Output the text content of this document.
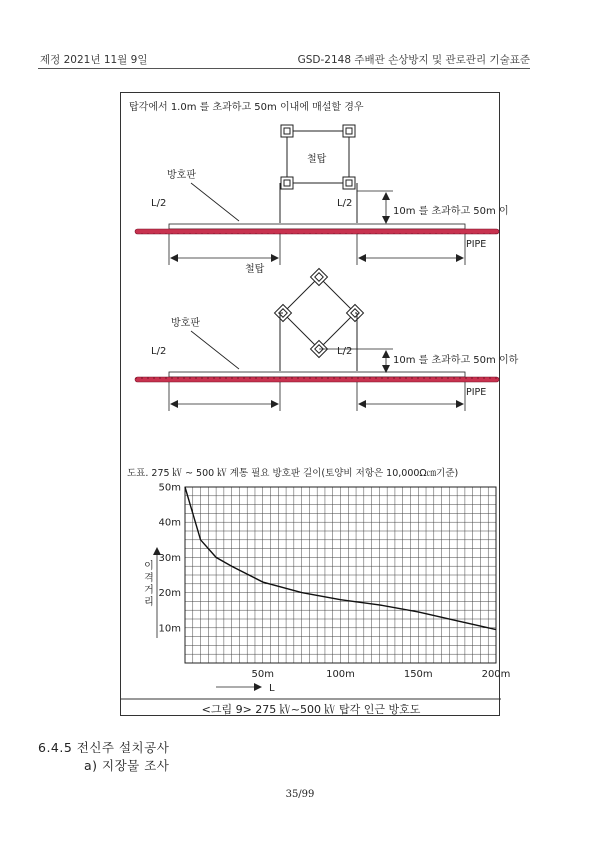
제정 2021년 11월 9일	GSD-2148 주배관 손상방지 및 관로관리 기술표준
탑각에서 1.0m 를 초과하고 50m 이내에 매설할 경우
철탑
방호판
L/2	L/2
10m 를 초과하고 50m 이
PIPE
철탑
방호판
L/2	L/2
10m 를 초과하고 50m 이하
PIPE
도표. 275 ㎸ ~ 500 ㎸ 계통 필요 방호판 길이(토양비 저항은 10,000Ω㎝기준)
50m
40m
30m
20m
10m
50m	100m	150m	200m
이 격 거 리
L
<그림 9> 275 ㎸~500 ㎸ 탑각 인근 방호도
6.4.5 전신주 설치공사
a) 지장물 조사
35/99
